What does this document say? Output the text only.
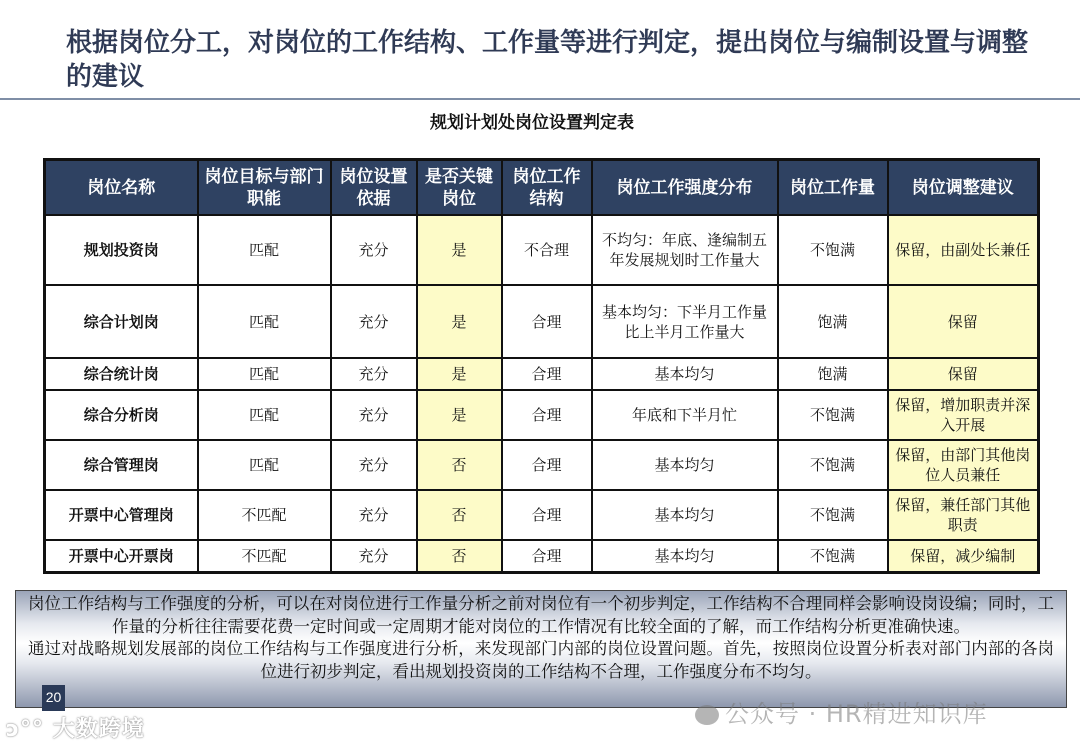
根据岗位分工，对岗位的工作结构、工作量等进行判定，提出岗位与编制设置与调整的建议
规划计划处岗位设置判定表
岗位名称	岗位目标与部门职能	岗位设置依据	是否关键岗位	岗位工作结构	岗位工作强度分布	岗位工作量	岗位调整建议
规划投资岗	匹配	充分	是	不合理	不均匀：年底、逢编制五年发展规划时工作量大	不饱满	保留，由副处长兼任
综合计划岗	匹配	充分	是	合理	基本均匀：下半月工作量比上半月工作量大	饱满	保留
综合统计岗	匹配	充分	是	合理	基本均匀	饱满	保留
综合分析岗	匹配	充分	是	合理	年底和下半月忙	不饱满	保留，增加职责并深入开展
综合管理岗	匹配	充分	否	合理	基本均匀	不饱满	保留，由部门其他岗位人员兼任
开票中心管理岗	不匹配	充分	否	合理	基本均匀	不饱满	保留，兼任部门其他职责
开票中心开票岗	不匹配	充分	否	合理	基本均匀	不饱满	保留，减少编制

岗位工作结构与工作强度的分析，可以在对岗位进行工作量分析之前对岗位有一个初步判定，工作结构不合理同样会影响设岗设编；同时，工作量的分析往往需要花费一定时间或一定周期才能对岗位的工作情况有比较全面的了解，而工作结构分析更准确快速。

通过对战略规划发展部的岗位工作结构与工作强度进行分析，来发现部门内部的岗位设置问题。首先，按照岗位设置分析表对部门内部的各岗位进行初步判定，看出规划投资岗的工作结构不合理，工作强度分布不均匀。

20
ↄ°° 大数跨境
公众号 · HR精进知识库
